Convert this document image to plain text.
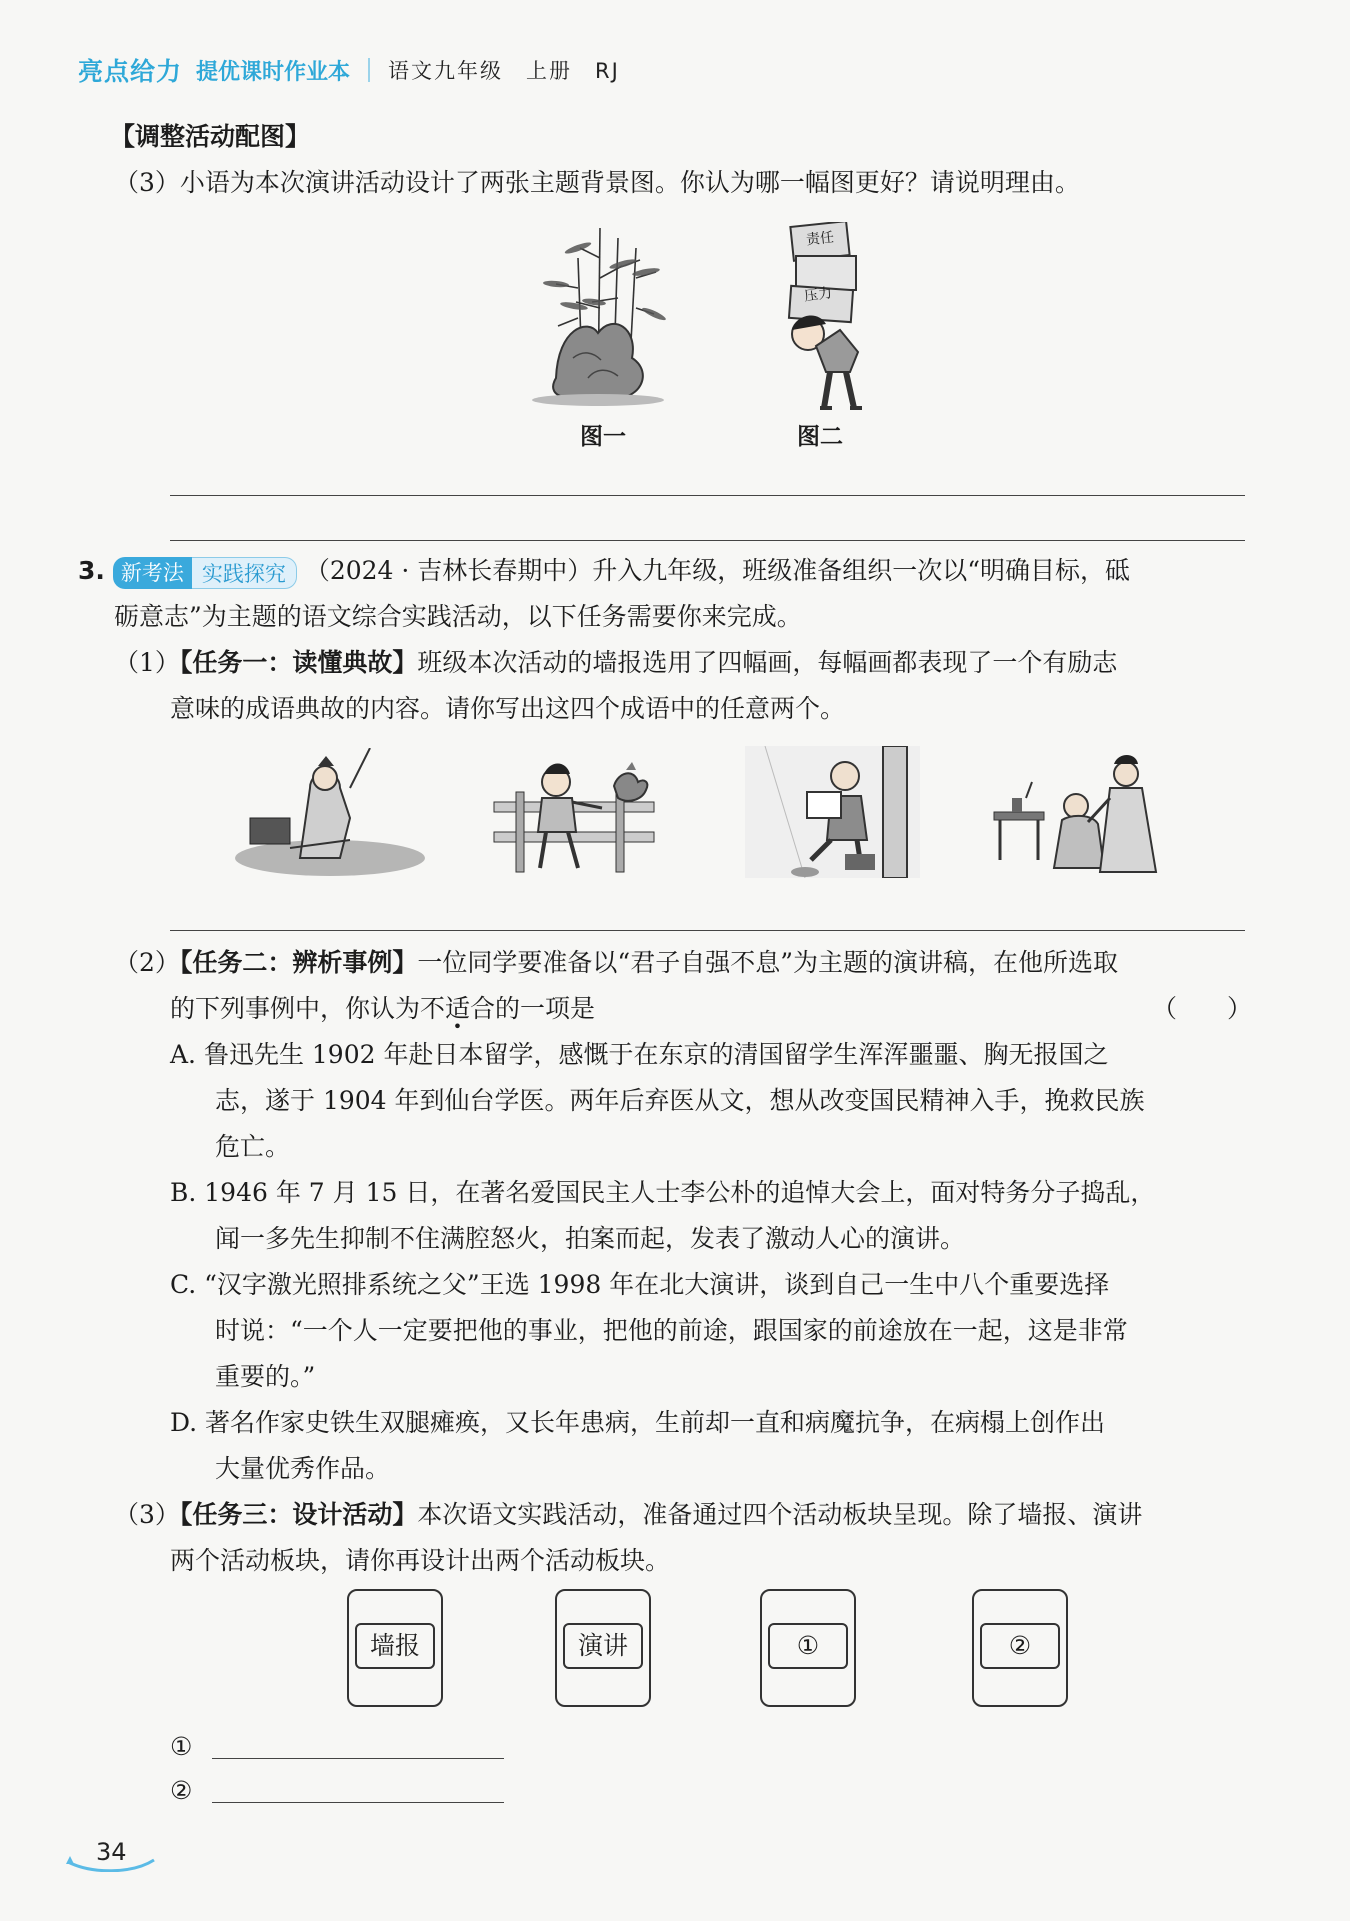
亮点给力 提优课时作业本 语文九年级　上册　RJ
【调整活动配图】
（3）小语为本次演讲活动设计了两张主题背景图。你认为哪一幅图更好？请说明理由。
图一
责任
压力
图二
3. 新考法 实践探究 （2024 · 吉林长春期中）升入九年级，班级准备组织一次以“明确目标，砥
砺意志”为主题的语文综合实践活动，以下任务需要你来完成。
（1）【任务一：读懂典故】班级本次活动的墙报选用了四幅画，每幅画都表现了一个有励志
意味的成语典故的内容。请你写出这四个成语中的任意两个。
（2）【任务二：辨析事例】一位同学要准备以“君子自强不息”为主题的演讲稿，在他所选取
的下列事例中，你认为不适合的一项是	（　　）
A. 鲁迅先生 1902 年赴日本留学，感慨于在东京的清国留学生浑浑噩噩、胸无报国之
志，遂于 1904 年到仙台学医。两年后弃医从文，想从改变国民精神入手，挽救民族
危亡。
B. 1946 年 7 月 15 日，在著名爱国民主人士李公朴的追悼大会上，面对特务分子捣乱，
闻一多先生抑制不住满腔怒火，拍案而起，发表了激动人心的演讲。
C. “汉字激光照排系统之父”王选 1998 年在北大演讲，谈到自己一生中八个重要选择
时说：“一个人一定要把他的事业，把他的前途，跟国家的前途放在一起，这是非常
重要的。”
D. 著名作家史铁生双腿瘫痪，又长年患病，生前却一直和病魔抗争，在病榻上创作出
大量优秀作品。
（3）【任务三：设计活动】本次语文实践活动，准备通过四个活动板块呈现。除了墙报、演讲
两个活动板块，请你再设计出两个活动板块。
墙报	演讲	①	②
①
②
34
